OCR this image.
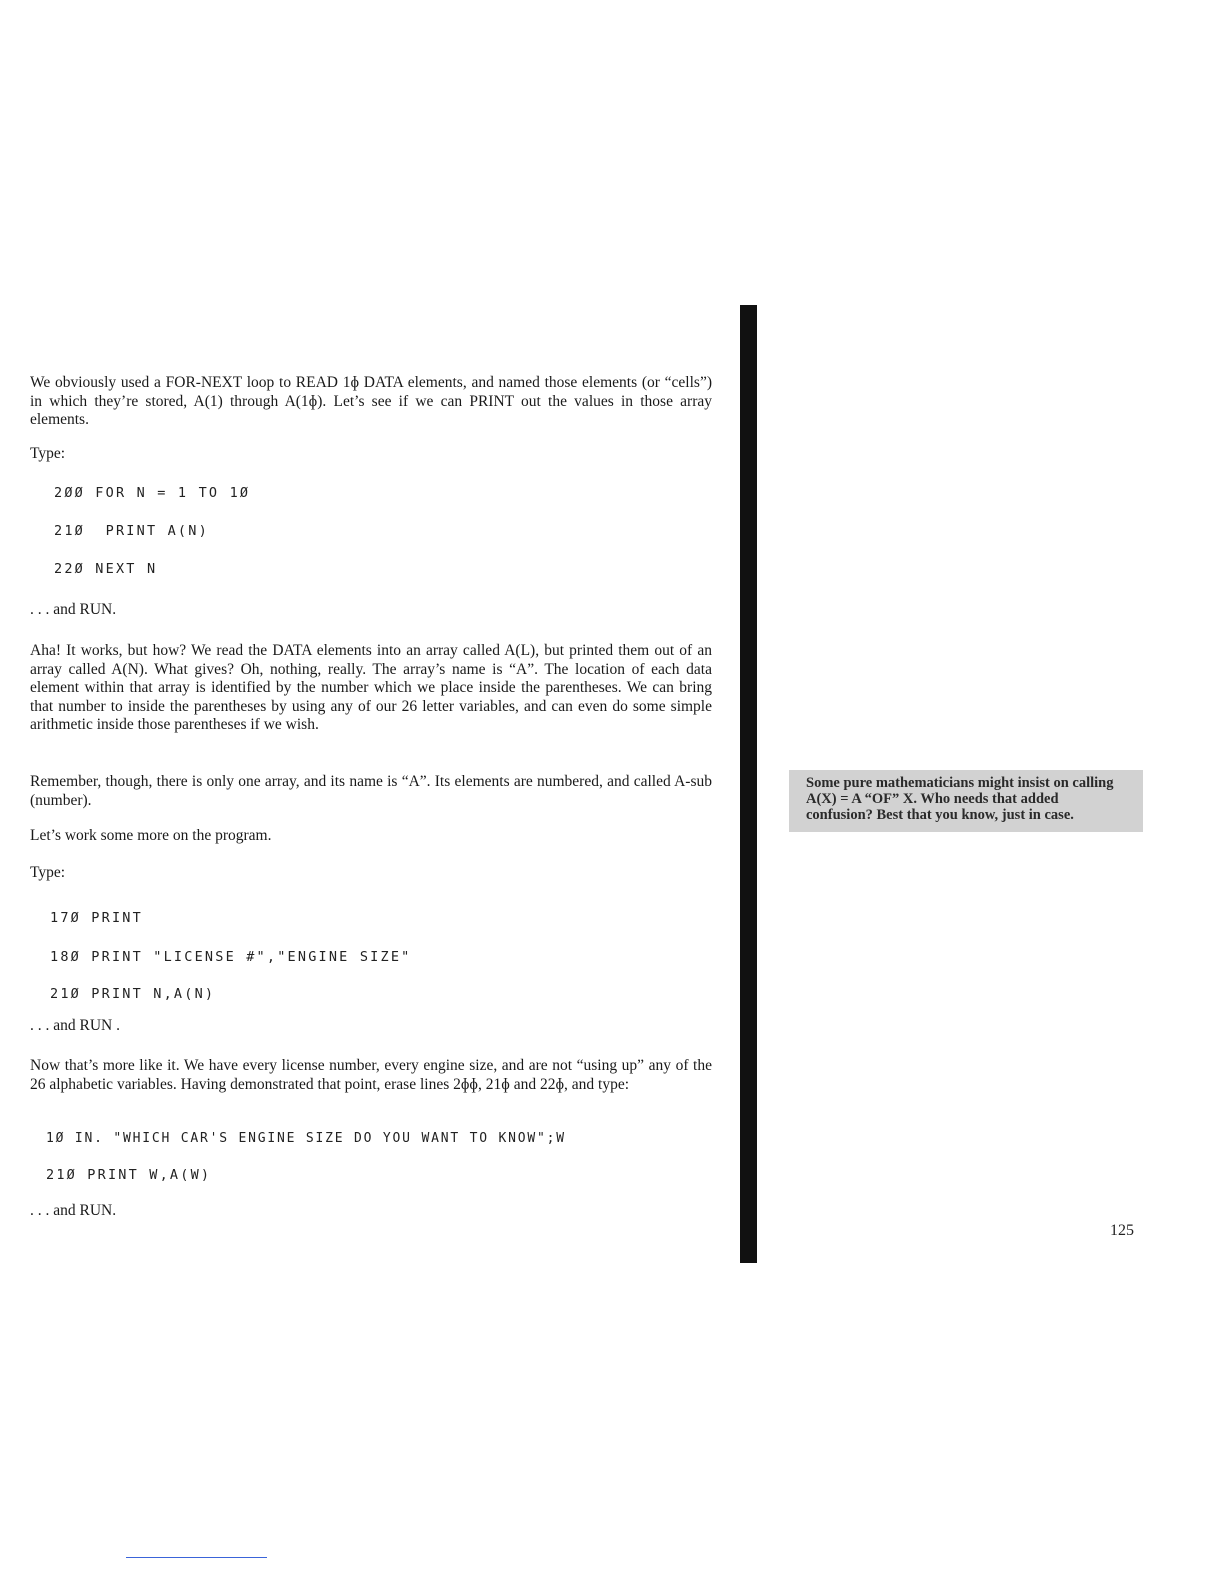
We obviously used a FOR-NEXT loop to READ 1ɸ DATA elements, and named those elements (or “cells”) in which they’re stored, A(1) through A(1ɸ). Let’s see if we can PRINT out the values in those array elements.

Type:

2ØØ FOR N = 1 TO 1Ø
21Ø  PRINT A(N)
22Ø NEXT N

. . . and RUN.

Aha! It works, but how? We read the DATA elements into an array called A(L), but printed them out of an array called A(N). What gives? Oh, nothing, really. The array’s name is “A”. The location of each data element within that array is identified by the number which we place inside the parentheses. We can bring that number to inside the parentheses by using any of our 26 letter variables, and can even do some simple arithmetic inside those parentheses if we wish.

Remember, though, there is only one array, and its name is “A”. Its elements are numbered, and called A-sub (number).

Let’s work some more on the program.

Type:

17Ø PRINT
18Ø PRINT "LICENSE #","ENGINE SIZE"
21Ø PRINT N,A(N)

. . . and RUN .

Now that’s more like it. We have every license number, every engine size, and are not “using up” any of the 26 alphabetic variables. Having demonstrated that point, erase lines 2ɸɸ, 21ɸ and 22ɸ, and type:

1Ø IN. "WHICH CAR'S ENGINE SIZE DO YOU WANT TO KNOW";W
21Ø PRINT W,A(W)

. . . and RUN.

Some pure mathematicians might insist on calling A(X) = A “OF” X. Who needs that added confusion? Best that you know, just in case.
125
